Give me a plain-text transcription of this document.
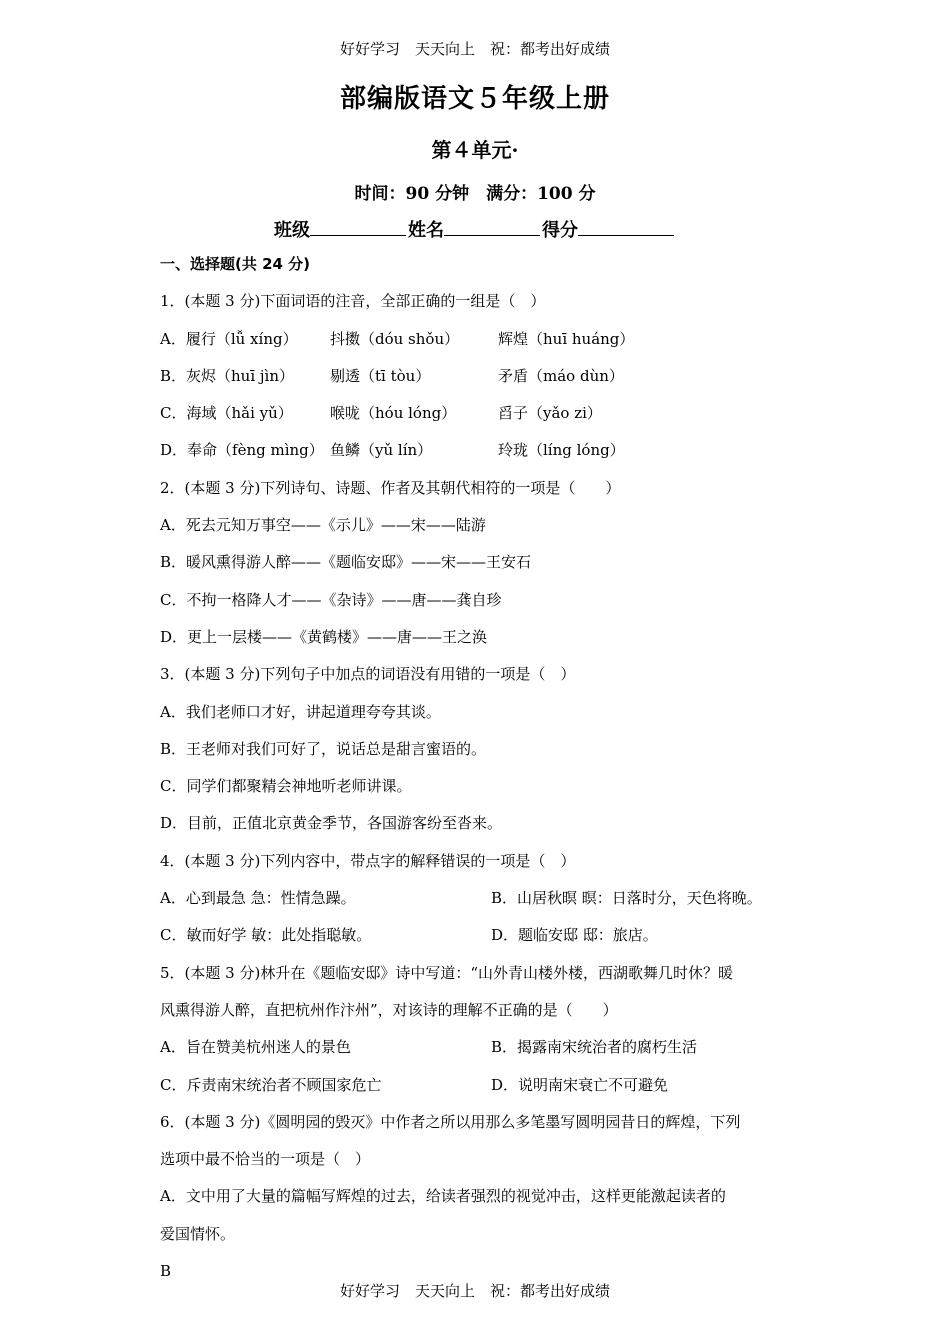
好好学习　天天向上　祝：都考出好成绩
部编版语文５年级上册
第４单元·
时间：90 分钟　满分：100 分
班级	姓名	得分
一、选择题(共 24 分)
1．(本题 3 分)下面词语的注音，全部正确的一组是（　）
A．履行（lǚ xíng） 抖擞（dóu shǒu）	辉煌（huī huáng）
B．灰烬（huī jìn） 剔透（tī tòu）	矛盾（máo dùn）
C．海域（hǎi yǔ） 喉咙（hóu lóng）	舀子（yǎo zi）
D．奉命（fèng mìng） 鱼鳞（yǔ lín）	玲珑（líng lóng）
2．(本题 3 分)下列诗句、诗题、作者及其朝代相符的一项是（　　）
A．死去元知万事空——《示儿》——宋——陆游
B．暖风熏得游人醉——《题临安邸》——宋——王安石
C．不拘一格降人才——《杂诗》——唐——龚自珍
D．更上一层楼——《黄鹤楼》——唐——王之涣
3．(本题 3 分)下列句子中加点的词语没有用错的一项是（　）
A．我们老师口才好，讲起道理夸夸其谈。
B．王老师对我们可好了，说话总是甜言蜜语的。
C．同学们都聚精会神地听老师讲课。
D．目前，正值北京黄金季节，各国游客纷至沓来。
4．(本题 3 分)下列内容中，带点字的解释错误的一项是（　）
A．心到最急 急：性情急躁。	B．山居秋暝 暝：日落时分，天色将晚。
C．敏而好学 敏：此处指聪敏。	D．题临安邸 邸：旅店。
5．(本题 3 分)林升在《题临安邸》诗中写道：“山外青山楼外楼，西湖歌舞几时休？暖
风熏得游人醉，直把杭州作汴州”，对该诗的理解不正确的是（　　）
A．旨在赞美杭州迷人的景色	B．揭露南宋统治者的腐朽生活
C．斥责南宋统治者不顾国家危亡	D．说明南宋衰亡不可避免
6．(本题 3 分)《圆明园的毁灭》中作者之所以用那么多笔墨写圆明园昔日的辉煌，下列
选项中最不恰当的一项是（　）
A．文中用了大量的篇幅写辉煌的过去，给读者强烈的视觉冲击，这样更能激起读者的
爱国情怀。
B
好好学习　天天向上　祝：都考出好成绩
